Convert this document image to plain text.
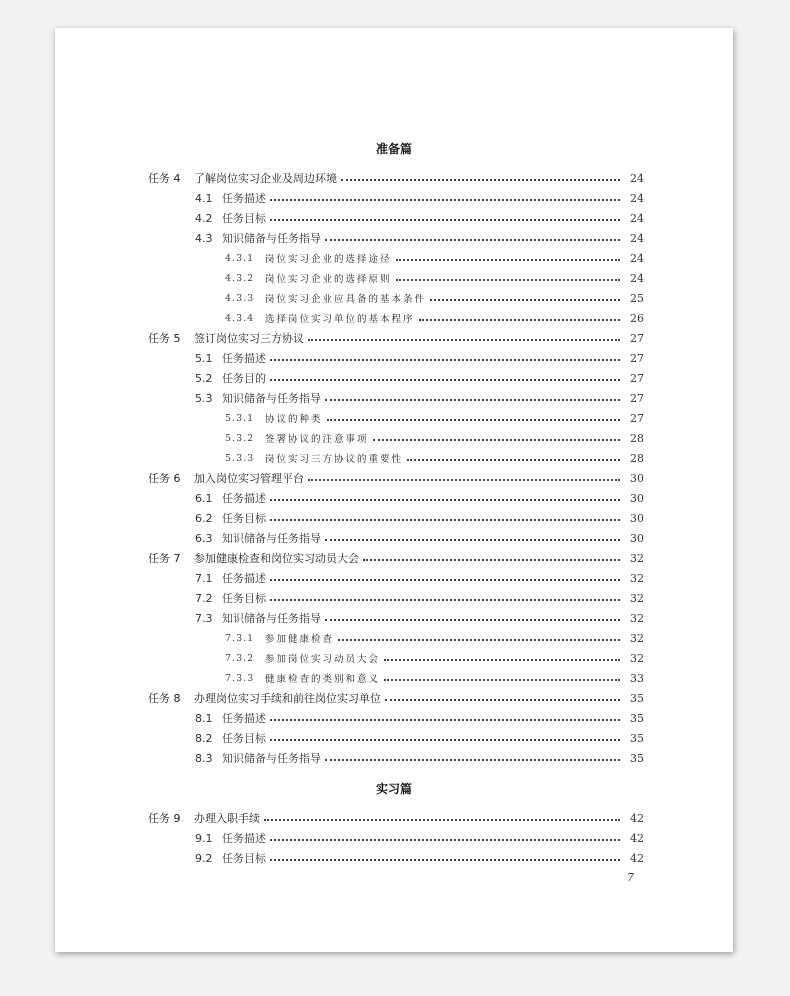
准备篇
任务 4	了解岗位实习企业及周边环境	24
4.1 任务描述	24
4.2 任务目标	24
4.3 知识储备与任务指导	24
4.3.1	岗位实习企业的选择途径	24
4.3.2	岗位实习企业的选择原则	24
4.3.3	岗位实习企业应具备的基本条件	25
4.3.4	选择岗位实习单位的基本程序	26
任务 5	签订岗位实习三方协议	27
5.1 任务描述	27
5.2 任务目的	27
5.3 知识储备与任务指导	27
5.3.1	协议的种类	27
5.3.2	签署协议的注意事项	28
5.3.3	岗位实习三方协议的重要性	28
任务 6	加入岗位实习管理平台	30
6.1 任务描述	30
6.2 任务目标	30
6.3 知识储备与任务指导	30
任务 7	参加健康检查和岗位实习动员大会	32
7.1 任务描述	32
7.2 任务目标	32
7.3 知识储备与任务指导	32
7.3.1	参加健康检查	32
7.3.2	参加岗位实习动员大会	32
7.3.3	健康检查的类别和意义	33
任务 8	办理岗位实习手续和前往岗位实习单位	35
8.1 任务描述	35
8.2 任务目标	35
8.3 知识储备与任务指导	35
实习篇
任务 9	办理入职手续	42
9.1 任务描述	42
9.2 任务目标	42
7
